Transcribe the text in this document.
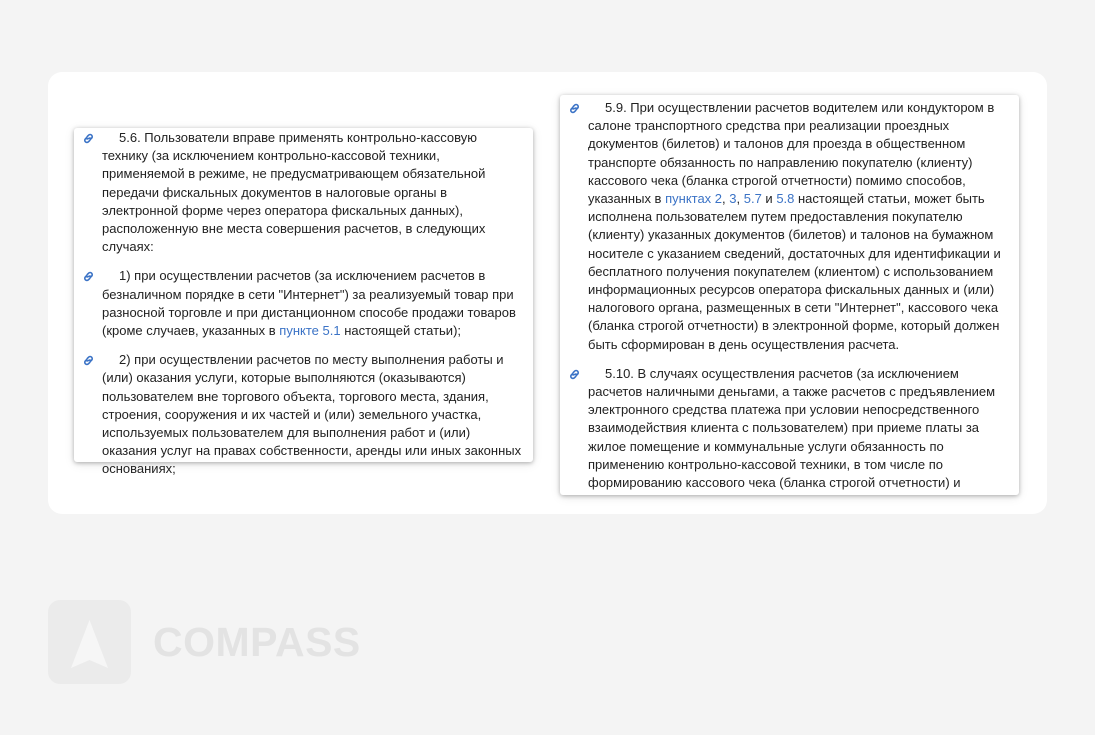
5.6. Пользователи вправе применять контрольно-кассовую технику (за исключением контрольно-кассовой техники, применяемой в режиме, не предусматривающем обязательной передачи фискальных документов в налоговые органы в электронной форме через оператора фискальных данных), расположенную вне места совершения расчетов, в следующих случаях:

1) при осуществлении расчетов (за исключением расчетов в безналичном порядке в сети "Интернет") за реализуемый товар при разносной торговле и при дистанционном способе продажи товаров (кроме случаев, указанных в пункте 5.1 настоящей статьи);

2) при осуществлении расчетов по месту выполнения работы и (или) оказания услуги, которые выполняются (оказываются) пользователем вне торгового объекта, торгового места, здания, строения, сооружения и их частей и (или) земельного участка, используемых пользователем для выполнения работ и (или) оказания услуг на правах собственности, аренды или иных законных основаниях;

5.9. При осуществлении расчетов водителем или кондуктором в салоне транспортного средства при реализации проездных документов (билетов) и талонов для проезда в общественном транспорте обязанность по направлению покупателю (клиенту) кассового чека (бланка строгой отчетности) помимо способов, указанных в пунктах 2, 3, 5.7 и 5.8 настоящей статьи, может быть исполнена пользователем путем предоставления покупателю (клиенту) указанных документов (билетов) и талонов на бумажном носителе с указанием сведений, достаточных для идентификации и бесплатного получения покупателем (клиентом) с использованием информационных ресурсов оператора фискальных данных и (или) налогового органа, размещенных в сети "Интернет", кассового чека (бланка строгой отчетности) в электронной форме, который должен быть сформирован в день осуществления расчета.

5.10. В случаях осуществления расчетов (за исключением расчетов наличными деньгами, а также расчетов с предъявлением электронного средства платежа при условии непосредственного взаимодействия клиента с пользователем) при приеме платы за жилое помещение и коммунальные услуги обязанность по применению контрольно-кассовой техники, в том числе по формированию кассового чека (бланка строгой отчетности) и

COMPASS
